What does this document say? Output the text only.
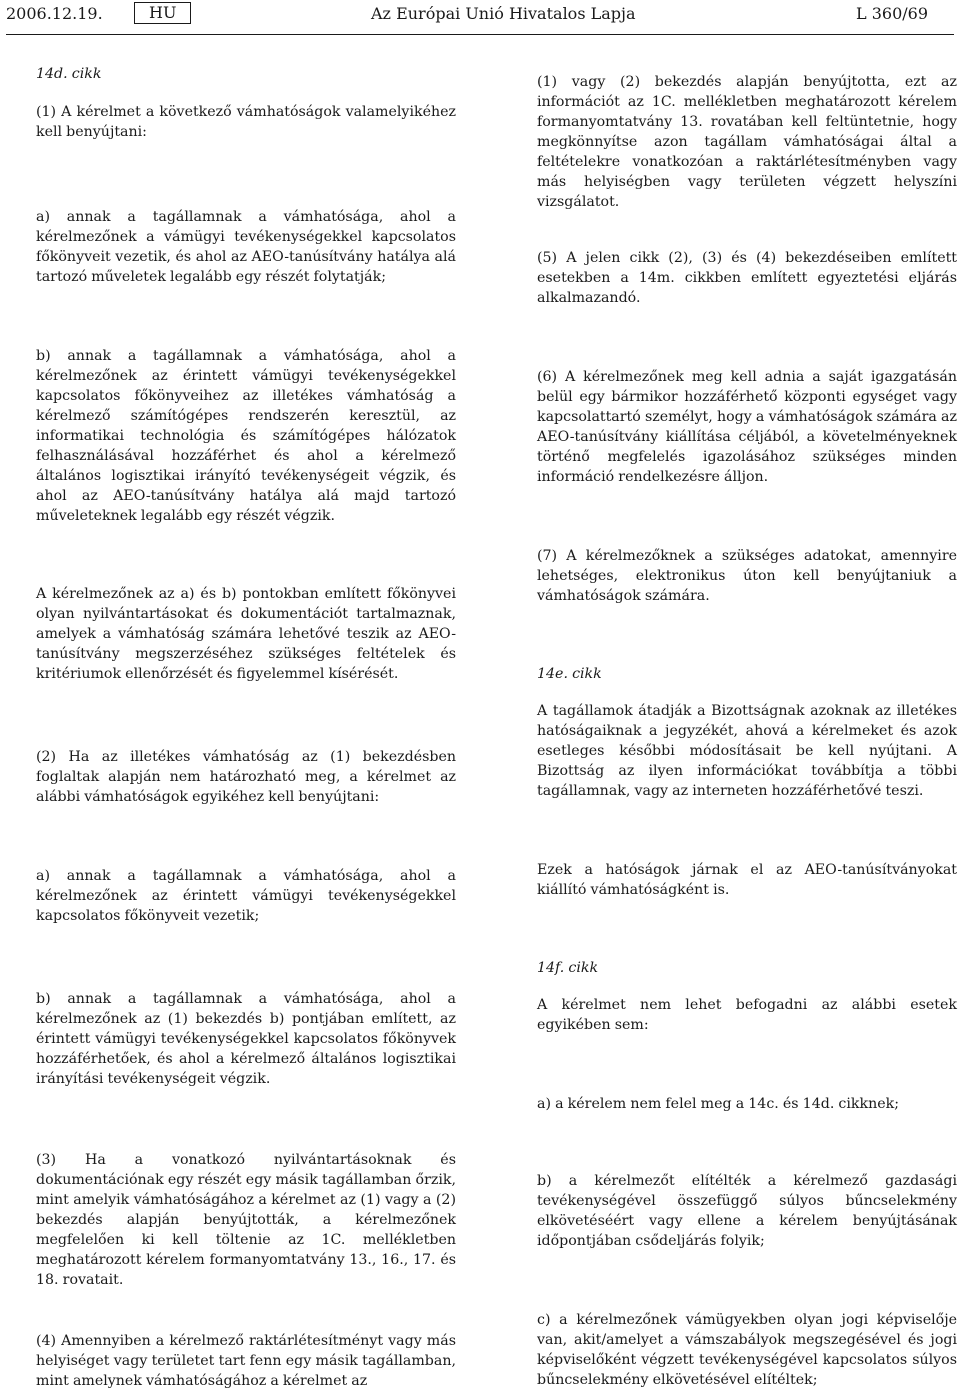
2006.12.19.	HU	Az Európai Unió Hivatalos Lapja	L 360/69

14d. cikk

(1) A kérelmet a következő vámhatóságok valamelyikéhez kell benyújtani:

a) annak a tagállamnak a vámhatósága, ahol a kérelmezőnek a vámügyi tevékenységekkel kapcsolatos főkönyveit vezetik, és ahol az AEO-tanúsítvány hatálya alá tartozó műveletek legalább egy részét folytatják;

b) annak a tagállamnak a vámhatósága, ahol a kérelmezőnek az érintett vámügyi tevékenységekkel kapcsolatos főkönyveihez az illetékes vámhatóság a kérelmező számítógépes rendszerén keresztül, az informatikai technológia és számítógépes hálózatok felhasználásával hozzáférhet és ahol a kérelmező általános logisztikai irányító tevékenységeit végzik, és ahol az AEO-tanúsítvány hatálya alá majd tartozó műveleteknek legalább egy részét végzik.

A kérelmezőnek az a) és b) pontokban említett főkönyvei olyan nyilvántartásokat és dokumentációt tartalmaznak, amelyek a vámhatóság számára lehetővé teszik az AEO-tanúsítvány megszerzéséhez szükséges feltételek és kritériumok ellenőrzését és figyelemmel kísérését.

(2) Ha az illetékes vámhatóság az (1) bekezdésben foglaltak alapján nem határozható meg, a kérelmet az alábbi vámhatóságok egyikéhez kell benyújtani:

a) annak a tagállamnak a vámhatósága, ahol a kérelmezőnek az érintett vámügyi tevékenységekkel kapcsolatos főkönyveit vezetik;

b) annak a tagállamnak a vámhatósága, ahol a kérelmezőnek az (1) bekezdés b) pontjában említett, az érintett vámügyi tevékenységekkel kapcsolatos főkönyvek hozzáférhetőek, és ahol a kérelmező általános logisztikai irányítási tevékenységeit végzik.

(3) Ha a vonatkozó nyilvántartásoknak és dokumentációnak egy részét egy másik tagállamban őrzik, mint amelyik vámhatóságához a kérelmet az (1) vagy a (2) bekezdés alapján benyújtották, a kérelmezőnek megfelelően ki kell töltenie az 1C. mellékletben meghatározott kérelem formanyomtatvány 13., 16., 17. és 18. rovatait.

(4) Amennyiben a kérelmező raktárlétesítményt vagy más helyiséget vagy területet tart fenn egy másik tagállamban, mint amelynek vámhatóságához a kérelmet az

(1) vagy (2) bekezdés alapján benyújtotta, ezt az információt az 1C. mellékletben meghatározott kérelem formanyomtatvány 13. rovatában kell feltüntetnie, hogy megkönnyítse azon tagállam vámhatóságai által a feltételekre vonatkozóan a raktárlétesítményben vagy más helyiségben vagy területen végzett helyszíni vizsgálatot.

(5) A jelen cikk (2), (3) és (4) bekezdéseiben említett esetekben a 14m. cikkben említett egyeztetési eljárás alkalmazandó.

(6) A kérelmezőnek meg kell adnia a saját igazgatásán belül egy bármikor hozzáférhető központi egységet vagy kapcsolattartó személyt, hogy a vámhatóságok számára az AEO-tanúsítvány kiállítása céljából, a követelményeknek történő megfelelés igazolásához szükséges minden információ rendelkezésre álljon.

(7) A kérelmezőknek a szükséges adatokat, amennyire lehetséges, elektronikus úton kell benyújtaniuk a vámhatóságok számára.

14e. cikk

A tagállamok átadják a Bizottságnak azoknak az illetékes hatóságaiknak a jegyzékét, ahová a kérelmeket és azok esetleges későbbi módosításait be kell nyújtani. A Bizottság az ilyen információkat továbbítja a többi tagállamnak, vagy az interneten hozzáférhetővé teszi.

Ezek a hatóságok járnak el az AEO-tanúsítványokat kiállító vámhatóságként is.

14f. cikk

A kérelmet nem lehet befogadni az alábbi esetek egyikében sem:

a) a kérelem nem felel meg a 14c. és 14d. cikknek;

b) a kérelmezőt elítélték a kérelmező gazdasági tevékenységével összefüggő súlyos bűncselekmény elkövetéséért vagy ellene a kérelem benyújtásának időpontjában csődeljárás folyik;

c) a kérelmezőnek vámügyekben olyan jogi képviselője van, akit/amelyet a vámszabályok megszegésével és jogi képviselőként végzett tevékenységével kapcsolatos súlyos bűncselekmény elkövetésével elítéltek;
